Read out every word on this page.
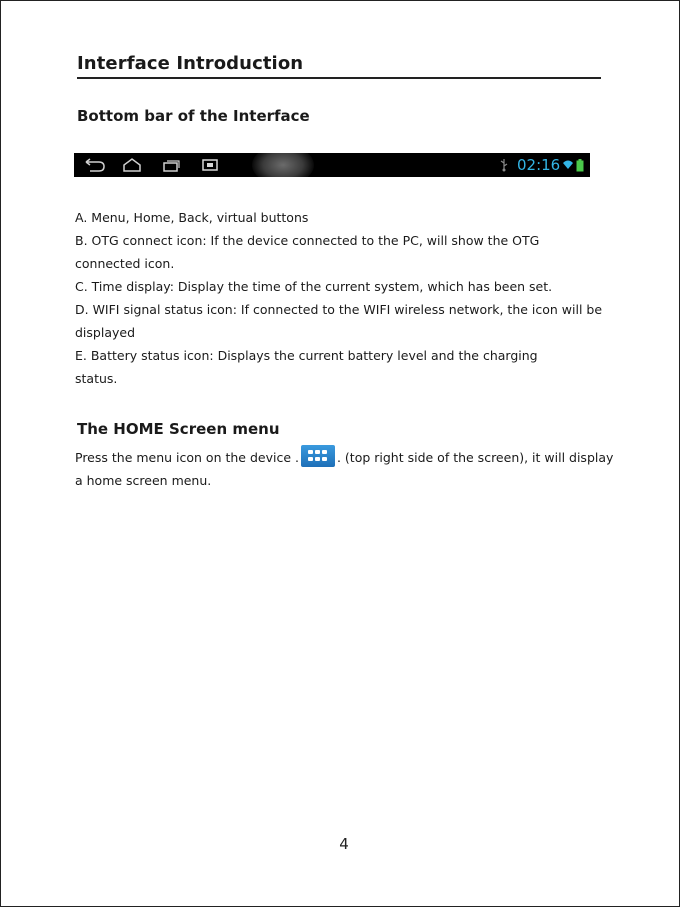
Interface Introduction
Bottom bar of the Interface
02:16

A. Menu, Home, Back, virtual buttons

B. OTG connect icon: If the device connected to the PC, will show the OTG

connected icon.

C. Time display: Display the time of the current system, which has been set.

D. WIFI signal status icon: If connected to the WIFI wireless network, the icon will be

displayed

E. Battery status icon: Displays the current battery level and the charging

status.

The HOME Screen menu

Press the menu icon on the device .	. (top right side of the screen), it will display

a home screen menu.

4
